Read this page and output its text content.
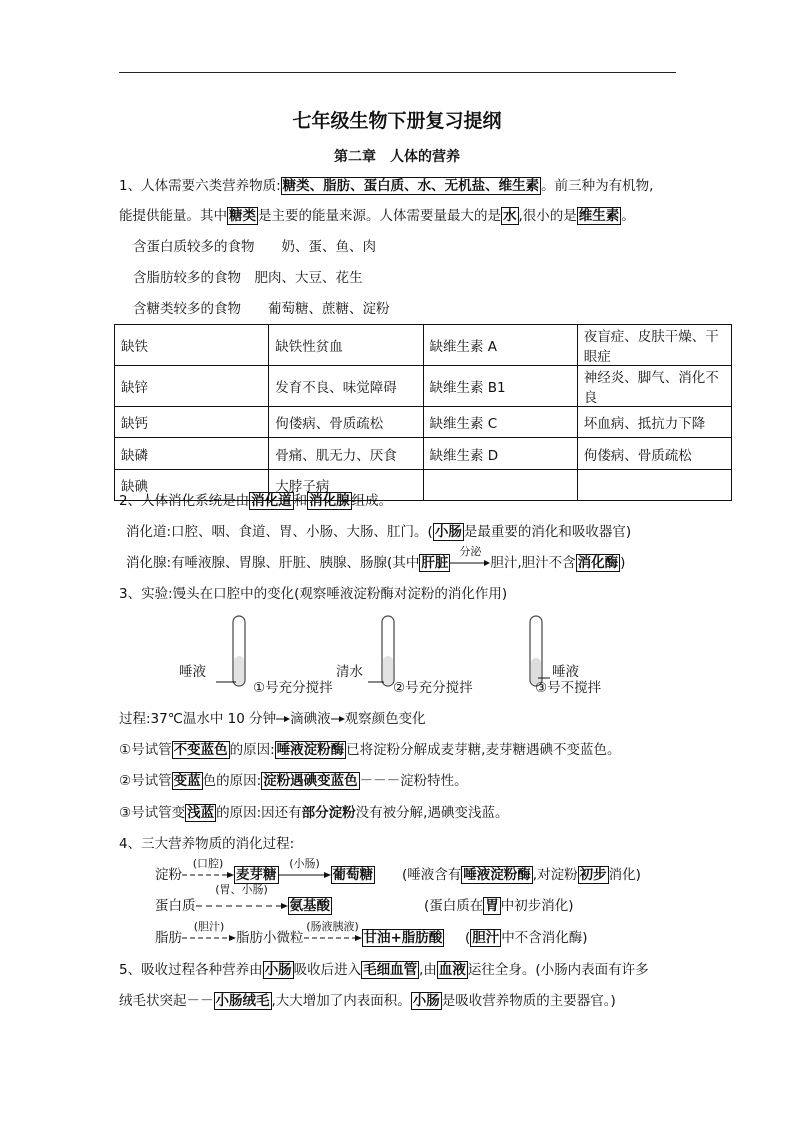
七年级生物下册复习提纲
第二章　人体的营养
1、人体需要六类营养物质: 糖类、脂肪、蛋白质、水、无机盐、维生素 。前三种为有机物,
能提供能量。其中 糖类 是主要的能量来源。人体需要量最大的是 水 ,很小的是 维生素 。
含蛋白质较多的食物　　奶、蛋、鱼、肉
含脂肪较多的食物　肥肉、大豆、花生
含糖类较多的食物　　葡萄糖、蔗糖、淀粉
缺铁	缺铁性贫血	缺维生素 A	夜盲症、皮肤干燥、干眼症
缺锌	发育不良、味觉障碍	缺维生素 B1	神经炎、脚气、消化不良
缺钙	佝偻病、骨质疏松	缺维生素 C	坏血病、抵抗力下降
缺磷	骨痛、肌无力、厌食	缺维生素 D	佝偻病、骨质疏松
缺碘	大脖子病		
2、人体消化系统是由 消化道 和 消化腺 组成。
消化道:口腔、咽、食道、胃、小肠、大肠、肛门。( 小肠 是最重要的消化和吸收器官)
消化腺:有唾液腺、胃腺、肝脏、胰腺、肠腺(其中 肝脏
分泌
胆汁,胆汁不含 消化酶 )
3、实验:馒头在口腔中的变化(观察唾液淀粉酶对淀粉的消化作用)
唾液
①号充分搅拌
清水
②号充分搅拌
唾液
③号不搅拌
过程:37℃温水中 10 分钟 滴碘液 观察颜色变化
①号试管 不变蓝色 的原因: 唾液淀粉酶 已将淀粉分解成麦芽糖,麦芽糖遇碘不变蓝色。
②号试管 变蓝 色的原因: 淀粉遇碘变蓝色 －－－淀粉特性。
③号试管变 浅蓝 的原因:因还有部分淀粉没有被分解,遇碘变浅蓝。
4、三大营养物质的消化过程:
淀粉
(口腔)
麦芽糖
(小肠)
葡萄糖 (唾液含有 唾液淀粉酶 ,对淀粉 初步 消化)
蛋白质
(胃、小肠)
氨基酸	(蛋白质在 胃 中初步消化)
脂肪
(胆汁)
脂肪小微粒
(肠液胰液)
甘油+脂肪酸 ( 胆汁 中不含消化酶)
5、吸收过程各种营养由 小肠 吸收后进入 毛细血管 ,由 血液 运往全身。(小肠内表面有许多
绒毛状突起－－ 小肠绒毛 ,大大增加了内表面积。 小肠 是吸收营养物质的主要器官。)
